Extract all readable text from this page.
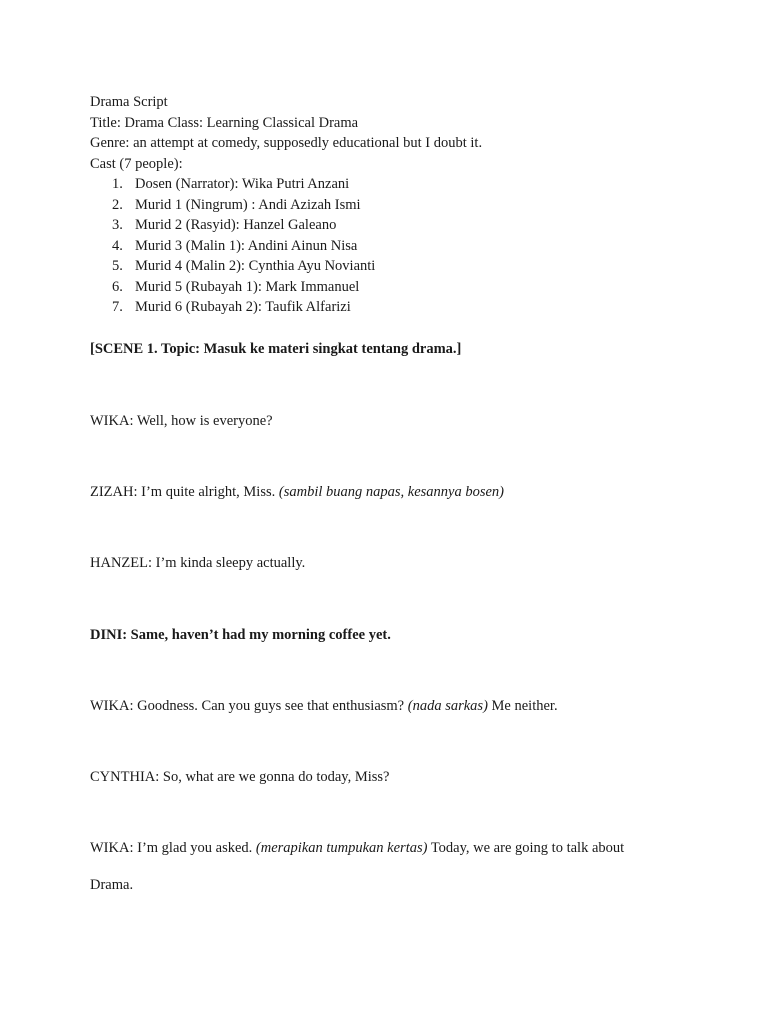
Drama Script
Title: Drama Class: Learning Classical Drama
Genre: an attempt at comedy, supposedly educational but I doubt it.
Cast (7 people):
1. Dosen (Narrator): Wika Putri Anzani
2. Murid 1 (Ningrum) : Andi Azizah Ismi
3. Murid 2 (Rasyid): Hanzel Galeano
4. Murid 3 (Malin 1): Andini Ainun Nisa
5. Murid 4 (Malin 2): Cynthia Ayu Novianti
6. Murid 5 (Rubayah 1): Mark Immanuel
7. Murid 6 (Rubayah 2): Taufik Alfarizi
[SCENE 1. Topic: Masuk ke materi singkat tentang drama.]
WIKA: Well, how is everyone?
ZIZAH: I’m quite alright, Miss. (sambil buang napas, kesannya bosen)
HANZEL: I’m kinda sleepy actually.
DINI: Same, haven’t had my morning coffee yet.
WIKA: Goodness. Can you guys see that enthusiasm? (nada sarkas) Me neither.
CYNTHIA: So, what are we gonna do today, Miss?
WIKA: I’m glad you asked. (merapikan tumpukan kertas) Today, we are going to talk about
Drama.
